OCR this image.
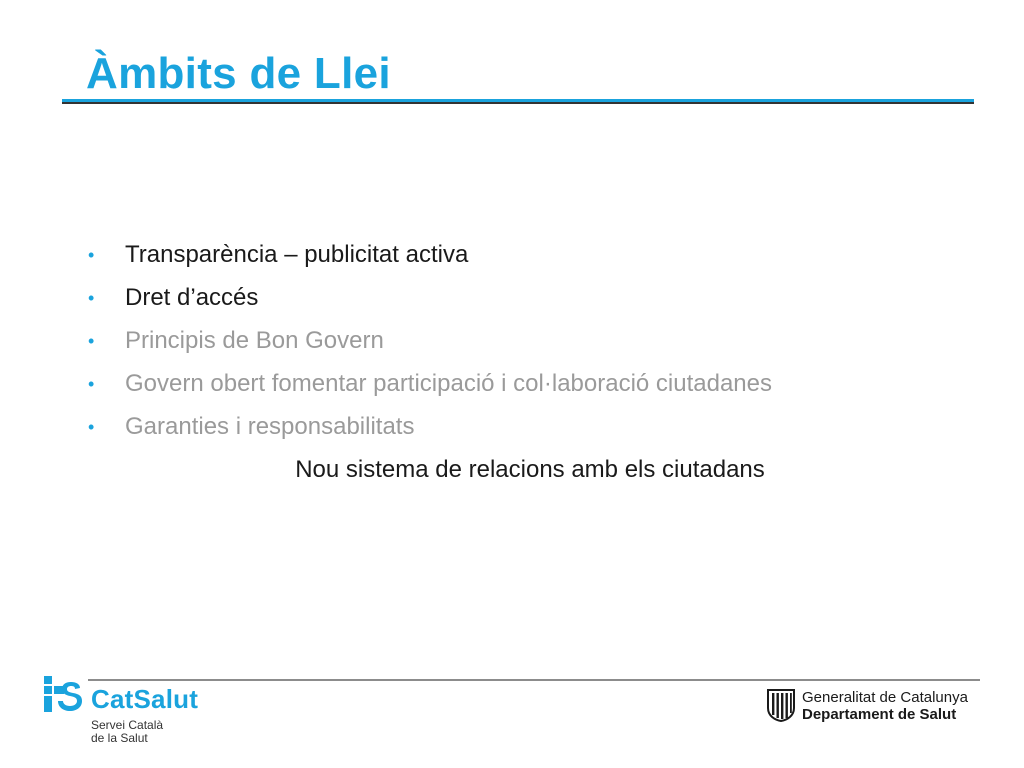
Àmbits de Llei
•	Transparència – publicitat activa
•	Dret d’accés
•	Principis de Bon Govern
•	Govern obert fomentar participació i col·laboració ciutadanes
•	Garanties i responsabilitats
Nou sistema de relacions amb els ciutadans
CatSalut
Servei Català
de la Salut
Generalitat de Catalunya
Departament de Salut
